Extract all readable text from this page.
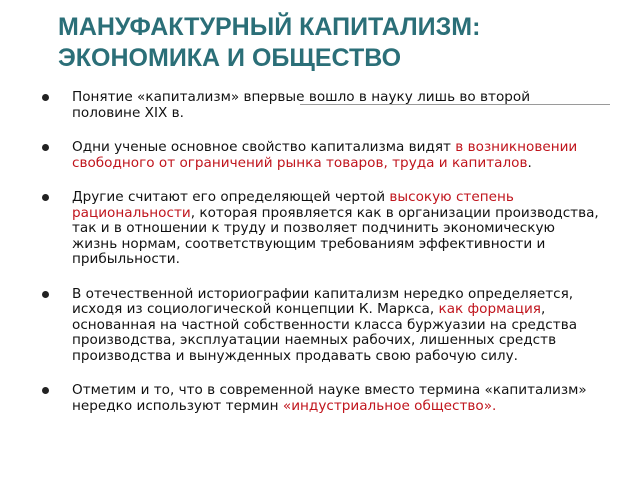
МАНУФАКТУРНЫЙ КАПИТАЛИЗМ:
ЭКОНОМИКА И ОБЩЕСТВО
Понятие «капитализм» впервые вошло в науку лишь во второй половине XIX в.
Одни ученые основное свойство капитализма видят в возникновении свободного от ограничений рынка товаров, труда и капиталов.
Другие считают его определяющей чертой высокую степень рациональности, которая проявляется как в организации производства, так и в отношении к труду и позволяет подчинить экономическую жизнь нормам, соответствующим требованиям эффективности и прибыльности.
В отечественной историографии капитализм нередко определяется, исходя из социологической концепции К. Маркса, как формация, основанная на частной собственности класса буржуазии на средства производства, эксплуатации наемных рабочих, лишенных средств производства и вынужденных продавать свою рабочую силу.
Отметим и то, что в современной науке вместо термина «капитализм» нередко используют термин «индустриальное общество».
